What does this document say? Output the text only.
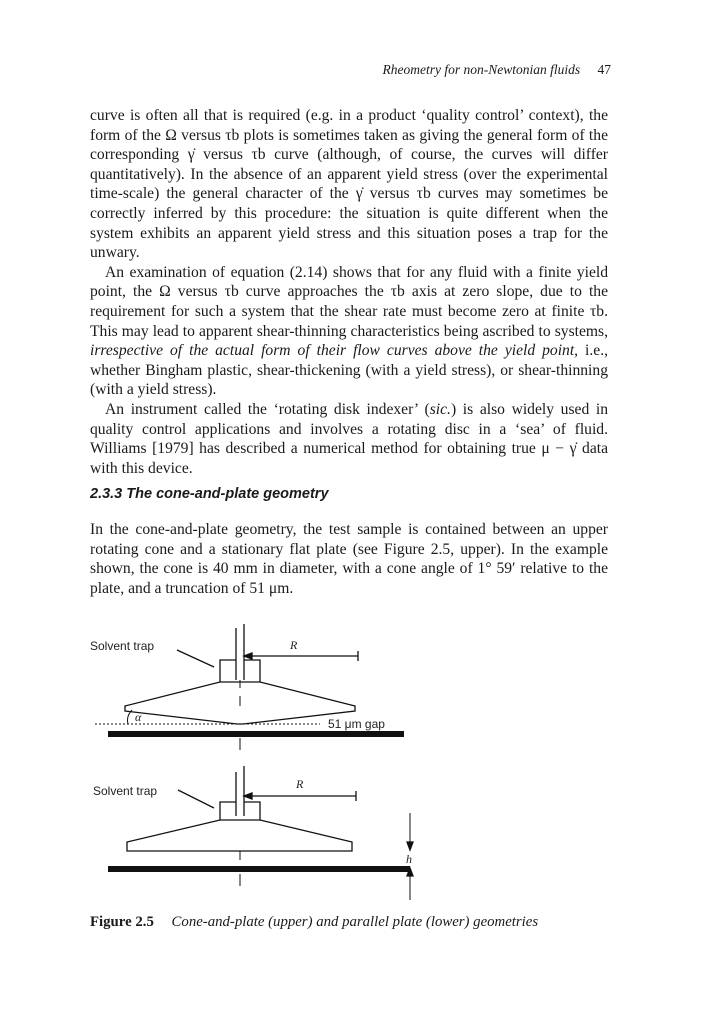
Rheometry for non-Newtonian fluids 47

curve is often all that is required (e.g. in a product ‘quality control’ context), the form of the Ω versus τb plots is sometimes taken as giving the general form of the corresponding γ̇ versus τb curve (although, of course, the curves will differ quantitatively). In the absence of an apparent yield stress (over the experimental time-scale) the general character of the γ̇ versus τb curves may sometimes be correctly inferred by this procedure: the situation is quite different when the system exhibits an apparent yield stress and this situation poses a trap for the unwary.

An examination of equation (2.14) shows that for any fluid with a finite yield point, the Ω versus τb curve approaches the τb axis at zero slope, due to the requirement for such a system that the shear rate must become zero at finite τb. This may lead to apparent shear-thinning characteristics being ascribed to systems, irrespective of the actual form of their flow curves above the yield point, i.e., whether Bingham plastic, shear-thickening (with a yield stress), or shear-thinning (with a yield stress).

An instrument called the ‘rotating disk indexer’ (sic.) is also widely used in quality control applications and involves a rotating disc in a ‘sea’ of fluid. Williams [1979] has described a numerical method for obtaining true μ − γ̇ data with this device.

2.3.3 The cone-and-plate geometry

In the cone-and-plate geometry, the test sample is contained between an upper rotating cone and a stationary flat plate (see Figure 2.5, upper). In the example shown, the cone is 40 mm in diameter, with a cone angle of 1° 59′ relative to the plate, and a truncation of 51 μm.

Solvent trap	R
α	51 μm gap
Solvent trap	R
h
Figure 2.5 Cone-and-plate (upper) and parallel plate (lower) geometries
